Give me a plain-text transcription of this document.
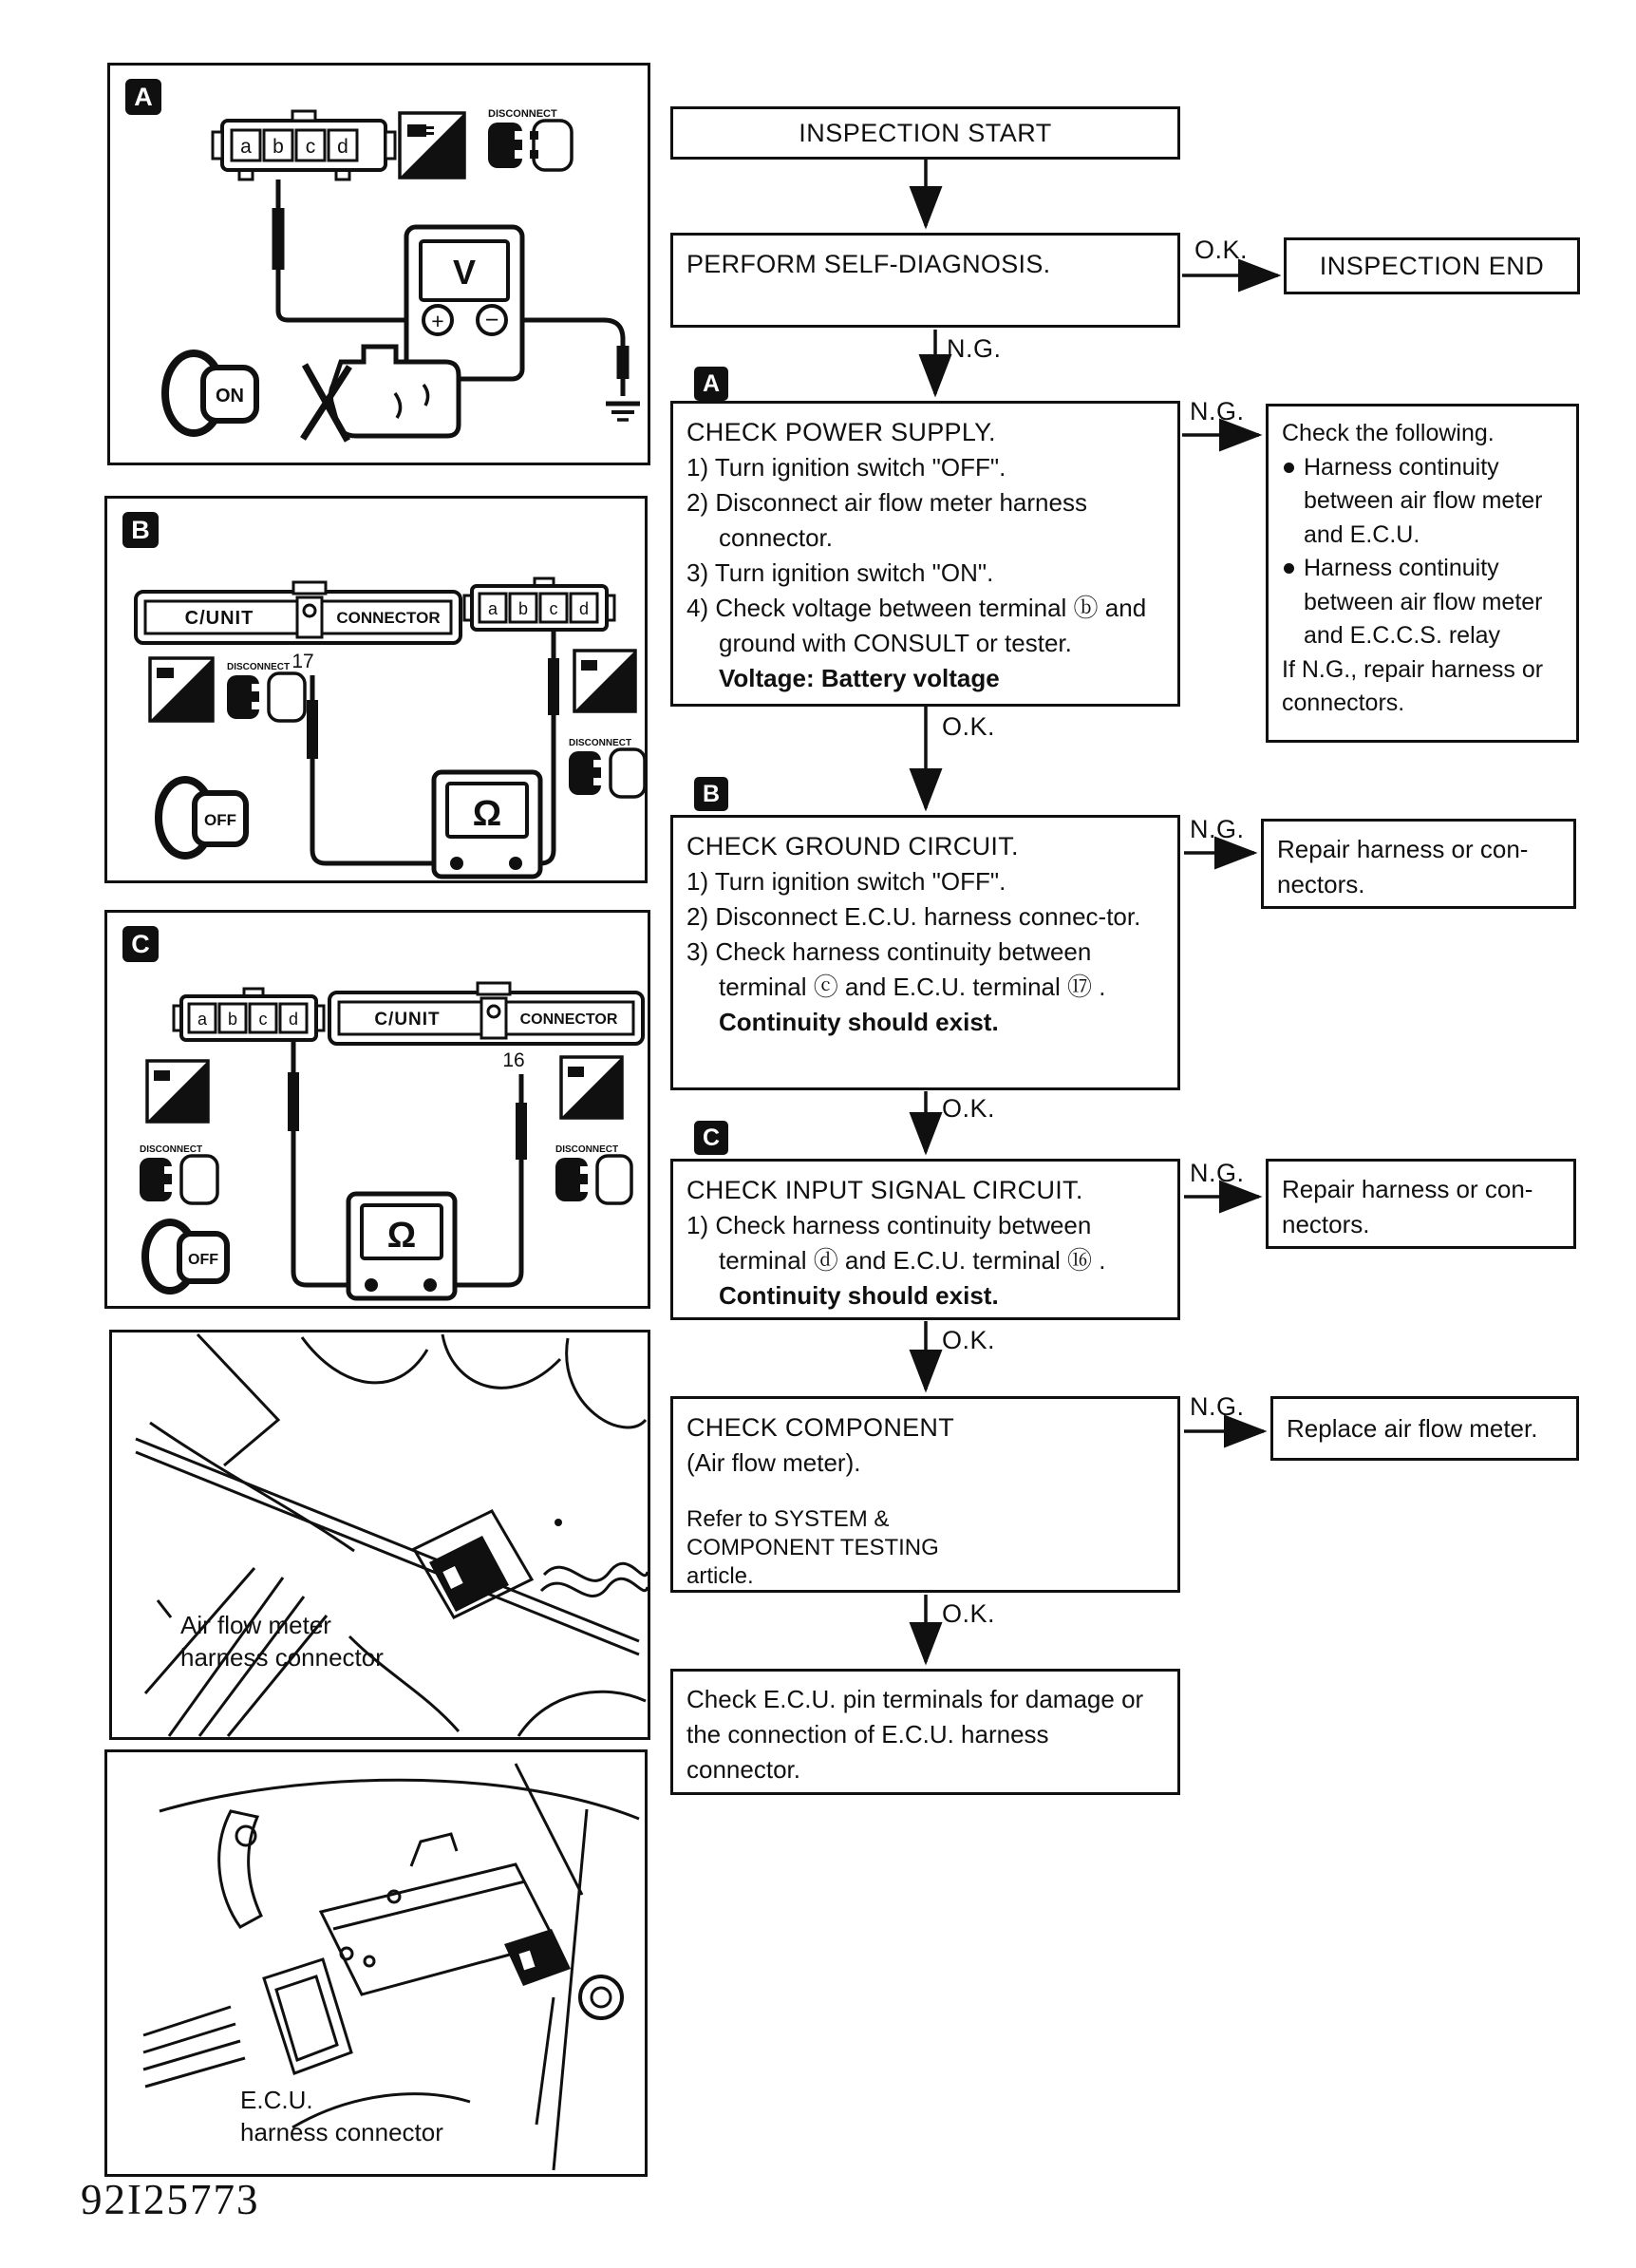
DISCONNECT
a b c d
V
+ −
ON
A
DISCONNECT
DISCONNECT
C/UNIT	CONNECTOR
17
a b c d
Ω
OFF
B
DISCONNECT	DISCONNECT
a b c d	C/UNIT	CONNECTOR
16
Ω
OFF
C
Air flow meter
harness connector
E.C.U.
harness connector
INSPECTION START
PERFORM SELF-DIAGNOSIS.	INSPECTION END
O.K.
N.G.
A
CHECK POWER SUPPLY.
1) Turn ignition switch "OFF".
2) Disconnect air flow meter harness connector.
3) Turn ignition switch "ON".
4) Check voltage between terminal ⓑ and ground with CONSULT or tester.
Voltage: Battery voltage
N.G.
Check the following.
Harness continuity between air flow meter and E.C.U.
Harness continuity between air flow meter and E.C.C.S. relay
If N.G., repair harness or connectors.
O.K.
B
CHECK GROUND CIRCUIT.
1) Turn ignition switch "OFF".
2) Disconnect E.C.U. harness connec-tor.
3) Check harness continuity between terminal ⓒ and E.C.U. terminal ⑰ .
Continuity should exist.
N.G.
Repair harness or con-nectors.
O.K.
C
CHECK INPUT SIGNAL CIRCUIT.
1) Check harness continuity between terminal ⓓ and E.C.U. terminal ⑯ .
Continuity should exist.
N.G.
Repair harness or con-nectors.
O.K.
CHECK COMPONENT
(Air flow meter).
Refer to SYSTEM &
COMPONENT TESTING
article.
N.G.
Replace air flow meter.
O.K.
Check E.C.U. pin terminals for damage or the connection of E.C.U. harness connector.
92I25773
